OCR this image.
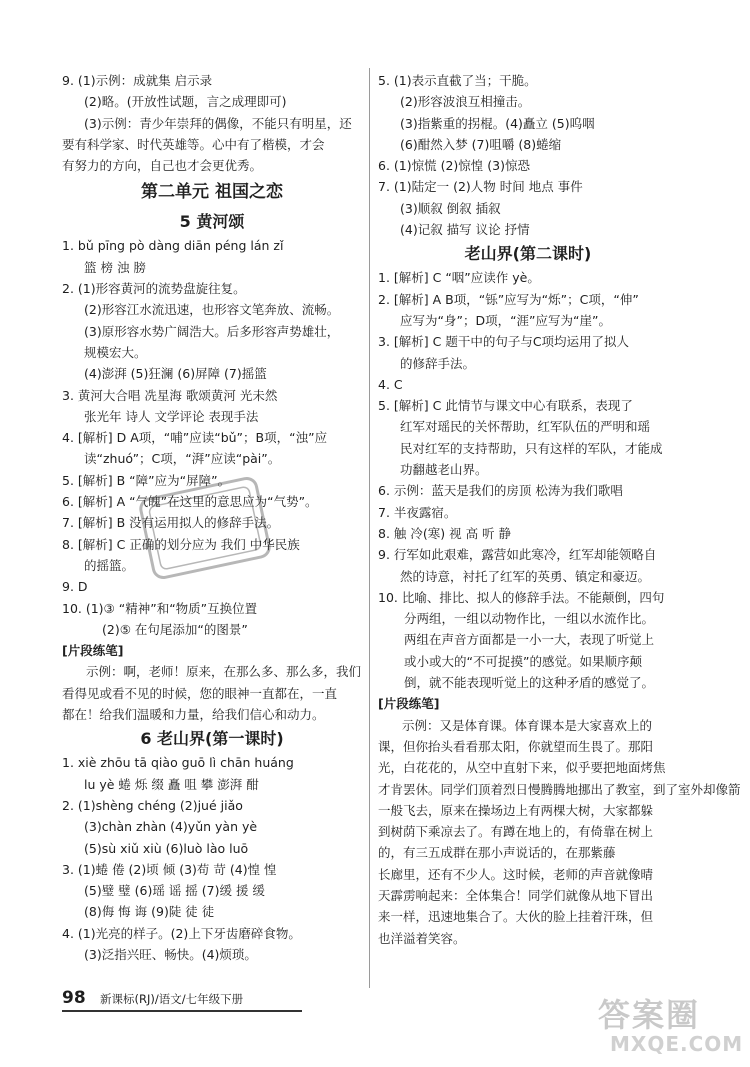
9. (1)示例：成就集 启示录
(2)略。(开放性试题，言之成理即可)
(3)示例：青少年崇拜的偶像，不能只有明星，还
要有科学家、时代英雄等。心中有了楷模，才会
有努力的方向，自己也才会更优秀。
第二单元 祖国之恋
5 黄河颂
1. bǔ pīng pò dàng diān péng lán zǐ
篮 榜 浊 膀
2. (1)形容黄河的流势盘旋往复。
(2)形容江水流迅速，也形容文笔奔放、流畅。
(3)原形容水势广阔浩大。后多形容声势雄壮，
规模宏大。
(4)澎湃 (5)狂澜 (6)屏障 (7)摇篮
3. 黄河大合唱 冼星海 歌颂黄河 光未然
张光年 诗人 文学评论 表现手法
4. [解析] D A项，“哺”应读“bǔ”；B项，“浊”应
读“zhuó”；C项，“湃”应读“pài”。
5. [解析] B “障”应为“屏障”。
6. [解析] A “气魄”在这里的意思应为“气势”。
7. [解析] B 没有运用拟人的修辞手法。
8. [解析] C 正确的划分应为 我们 中华民族
的摇篮。
9. D
10. (1)③ “精神”和“物质”互换位置
(2)⑤ 在句尾添加“的图景”
[片段练笔]
示例：啊，老师！原来，在那么多、那么多，我们
看得见或看不见的时候，您的眼神一直都在，一直
都在！给我们温暖和力量，给我们信心和动力。
6 老山界(第一课时)
1. xiè zhōu tā qiào guō lì chān huáng
lu yè 蜷 烁 缀 矗 咀 攀 澎湃 酣
2. (1)shèng chéng (2)jué jiǎo
(3)chàn zhàn (4)yǔn yàn yè
(5)sù xiǔ xiù (6)luò lào luō
3. (1)蜷 倦 (2)顷 倾 (3)苟 苛 (4)惶 惶
(5)璧 璧 (6)瑶 谣 摇 (7)缓 援 缓
(8)侮 悔 诲 (9)陡 徒 徒
4. (1)光亮的样子。(2)上下牙齿磨碎食物。
(3)泛指兴旺、畅快。(4)烦琐。
5. (1)表示直截了当；干脆。
(2)形容波浪互相撞击。
(3)指紫重的拐棍。(4)矗立 (5)呜咽
(6)酣然入梦 (7)咀嚼 (8)蜷缩
6. (1)惊慌 (2)惊惶 (3)惊恐
7. (1)陆定一 (2)人物 时间 地点 事件
(3)顺叙 倒叙 插叙
(4)记叙 描写 议论 抒情
老山界(第二课时)
1. [解析] C “咽”应读作 yè。
2. [解析] A B项，“铄”应写为“烁”；C项，“伸”
应写为“身”；D项，“涯”应写为“崖”。
3. [解析] C 题干中的句子与C项均运用了拟人
的修辞手法。
4. C
5. [解析] C 此情节与课文中心有联系，表现了
红军对瑶民的关怀帮助，红军队伍的严明和瑶
民对红军的支持帮助，只有这样的军队，才能成
功翻越老山界。
6. 示例：蓝天是我们的房顶 松涛为我们歌唱
7. 半夜露宿。
8. 触 冷(寒) 视 高 听 静
9. 行军如此艰难，露营如此寒冷，红军却能领略自
然的诗意，衬托了红军的英勇、镇定和豪迈。
10. 比喻、排比、拟人的修辞手法。不能颠倒，四句
分两组，一组以动物作比，一组以水流作比。
两组在声音方面都是一小一大，表现了听觉上
或小或大的“不可捉摸”的感觉。如果顺序颠
倒，就不能表现听觉上的这种矛盾的感觉了。
[片段练笔]
示例：又是体育课。体育课本是大家喜欢上的
课，但你抬头看看那太阳，你就望而生畏了。那阳
光，白花花的，从空中直射下来，似乎要把地面烤焦
才肯罢休。同学们顶着烈日慢腾腾地挪出了教室，到了室外却像箭
一般飞去，原来在操场边上有两棵大树，大家都躲
到树荫下乘凉去了。有蹲在地上的，有倚靠在树上
的，有三五成群在那小声说话的，在那紫藤
长廊里，还有不少人。这时候，老师的声音就像晴
天霹雳响起来：全体集合！同学们就像从地下冒出
来一样，迅速地集合了。大伙的脸上挂着汗珠，但
也洋溢着笑容。
98 新课标(RJ)/语文/七年级下册	答案圈
MXQE.COM
